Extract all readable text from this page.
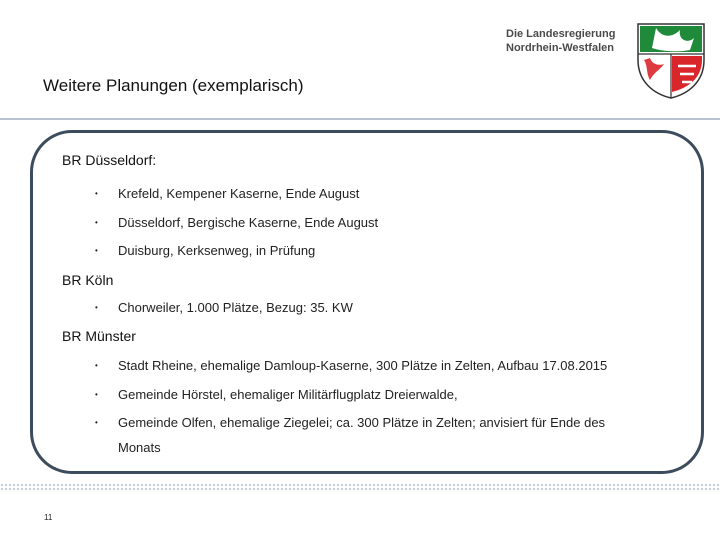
Die Landesregierung
Nordrhein-Westfalen
Weitere Planungen (exemplarisch)
BR Düsseldorf:
• Krefeld, Kempener Kaserne, Ende August
• Düsseldorf, Bergische Kaserne, Ende August
• Duisburg, Kerksenweg, in Prüfung
BR Köln
• Chorweiler, 1.000 Plätze, Bezug: 35. KW
BR Münster
• Stadt Rheine, ehemalige Damloup-Kaserne, 300 Plätze in Zelten, Aufbau 17.08.2015
• Gemeinde Hörstel, ehemaliger Militärflugplatz Dreierwalde,
• Gemeinde Olfen, ehemalige Ziegelei; ca. 300 Plätze in Zelten; anvisiert für Ende des
Monats
11
